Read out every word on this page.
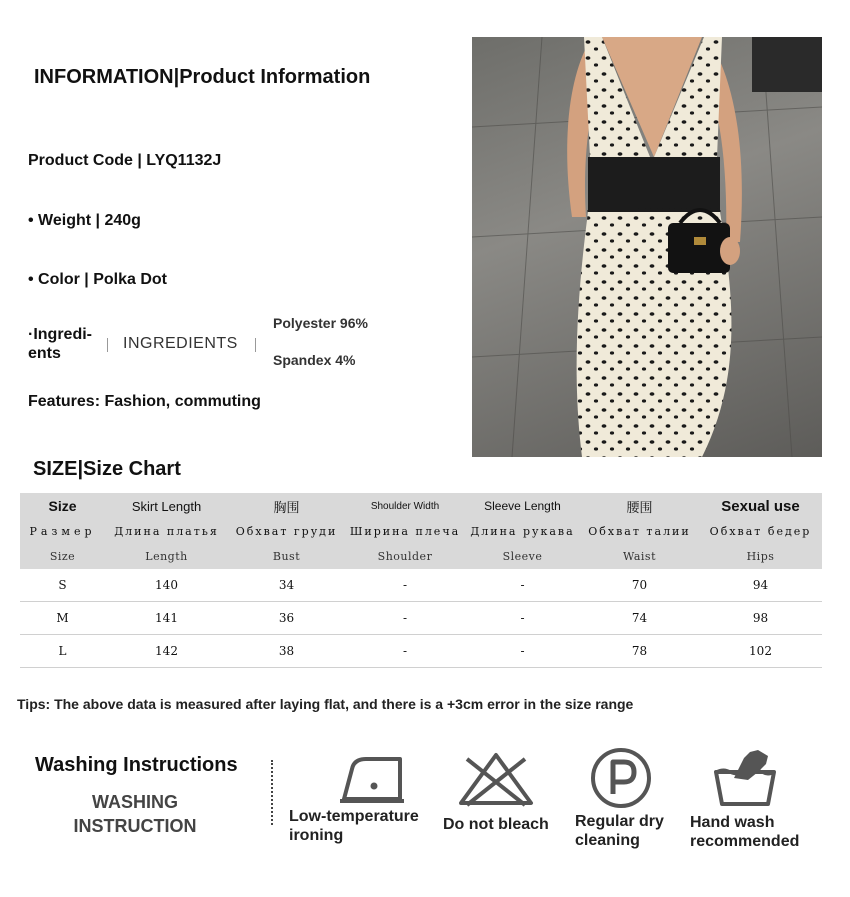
INFORMATION|Product Information
Product Code | LYQ1132J
• Weight | 240g
• Color | Polka Dot
·Ingredi-ents
INGREDIENTS
Polyester 96%
Spandex 4%
Features: Fashion, commuting
SIZE|Size Chart
Size	Skirt Length	胸围	Shoulder Width	Sleeve Length	腰围	Sexual use
Размер	Длина платья	Обхват груди	Ширина плеча	Длина рукава	Обхват талии	Обхват бедер
Size	Length	Bust	Shoulder	Sleeve	Waist	Hips
S	140	34	-	-	70	94
M	141	36	-	-	74	98
L	142	38	-	-	78	102
Tips: The above data is measured after laying flat, and there is a +3cm error in the size range
Washing Instructions
WASHING INSTRUCTION	Low-temperature ironing
Do not bleach	Regular dry cleaning
Hand wash recommended
